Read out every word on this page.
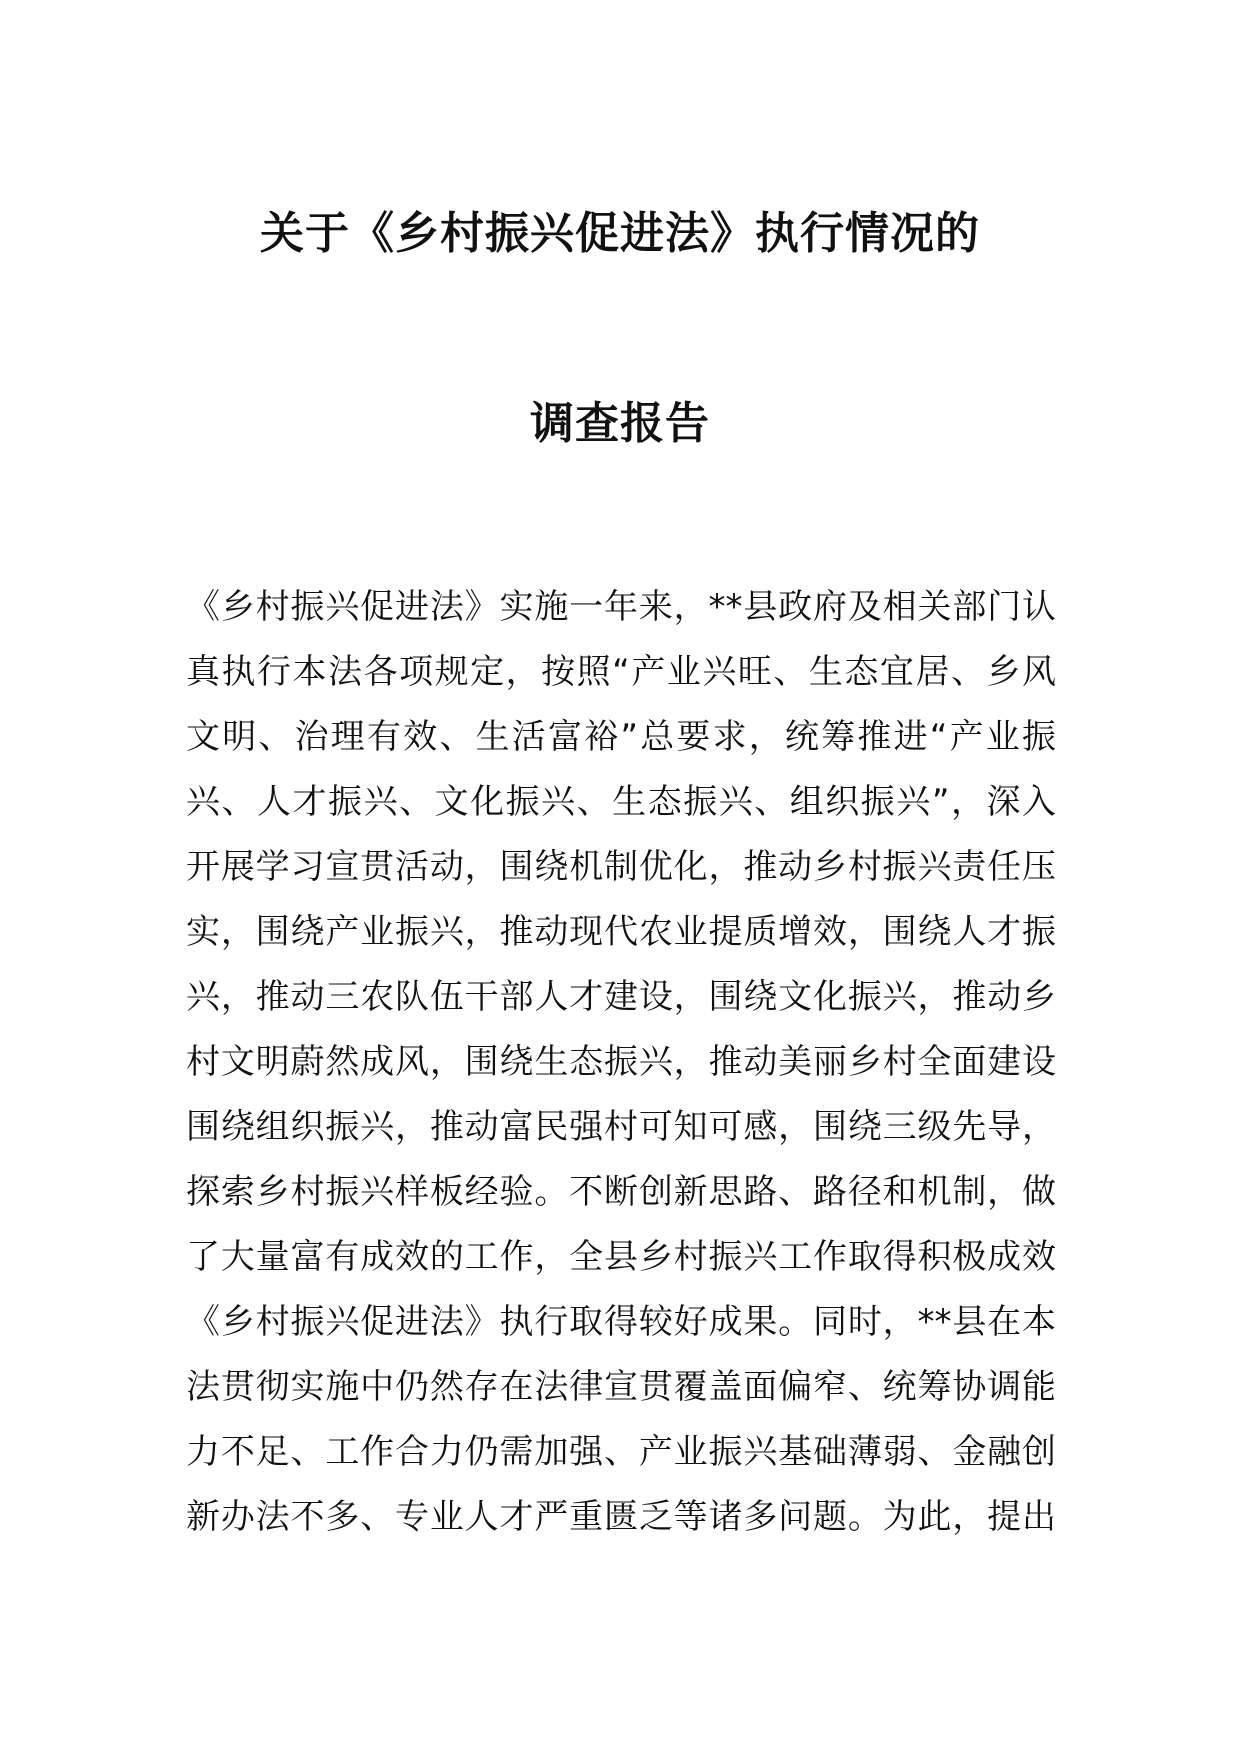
关于《乡村振兴促进法》执行情况的
调查报告
《乡村振兴促进法》实施一年来，**县政府及相关部门认
真执行本法各项规定，按照“产业兴旺、生态宜居、乡风
文明、治理有效、生活富裕”总要求，统筹推进“产业振
兴、人才振兴、文化振兴、生态振兴、组织振兴”，深入
开展学习宣贯活动，围绕机制优化，推动乡村振兴责任压
实，围绕产业振兴，推动现代农业提质增效，围绕人才振
兴，推动三农队伍干部人才建设，围绕文化振兴，推动乡
村文明蔚然成风，围绕生态振兴，推动美丽乡村全面建设
围绕组织振兴，推动富民强村可知可感，围绕三级先导，
探索乡村振兴样板经验。不断创新思路、路径和机制，做
了大量富有成效的工作，全县乡村振兴工作取得积极成效
《乡村振兴促进法》执行取得较好成果。同时，**县在本
法贯彻实施中仍然存在法律宣贯覆盖面偏窄、统筹协调能
力不足、工作合力仍需加强、产业振兴基础薄弱、金融创
新办法不多、专业人才严重匮乏等诸多问题。为此，提出
